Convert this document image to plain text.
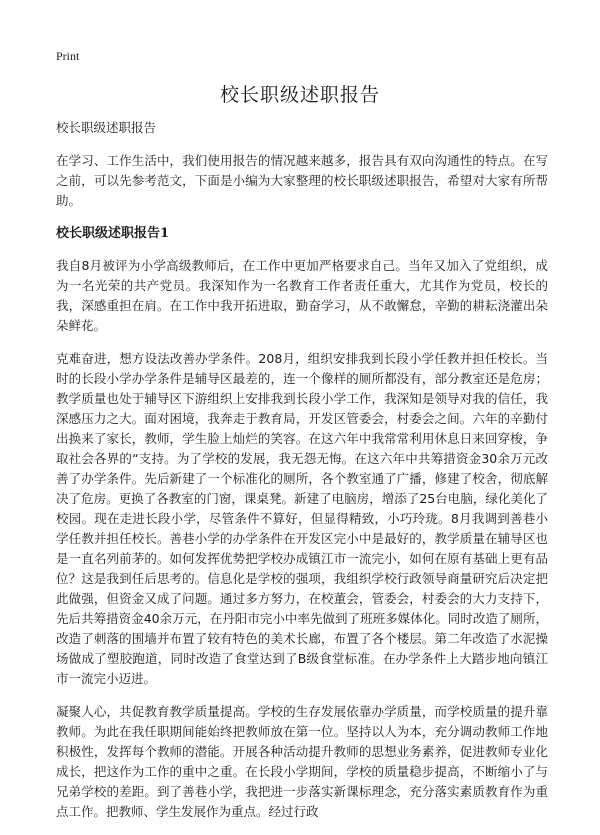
Print
校长职级述职报告

校长职级述职报告

在学习、工作生活中，我们使用报告的情况越来越多，报告具有双向沟通性的特点。在写之前，可以先参考范文，下面是小编为大家整理的校长职级述职报告，希望对大家有所帮助。

校长职级述职报告1

我自8月被评为小学高级教师后，在工作中更加严格要求自己。当年又加入了党组织，成为一名光荣的共产党员。我深知作为一名教育工作者责任重大，尤其作为党员，校长的我，深感重担在肩。在工作中我开拓进取，勤奋学习，从不敢懈怠，辛勤的耕耘浇灌出朵朵鲜花。

克难奋进，想方设法改善办学条件。208月，组织安排我到长段小学任教并担任校长。当时的长段小学办学条件是辅导区最差的，连一个像样的厕所都没有，部分教室还是危房；教学质量也处于辅导区下游组织上安排我到长段小学工作，我深知是领导对我的信任，我深感压力之大。面对困境，我奔走于教育局，开发区管委会，村委会之间。六年的辛勤付出换来了家长，教师，学生脸上灿烂的笑容。在这六年中我常常利用休息日来回穿梭，争取社会各界的“支持。为了学校的发展，我无怨无悔。在这六年中共筹措资金30余万元改善了办学条件。先后新建了一个标准化的厕所，各个教室通了广播，修建了校舍，彻底解决了危房。更换了各教室的门窗，课桌凳。新建了电脑房，增添了25台电脑，绿化美化了校园。现在走进长段小学，尽管条件不算好，但显得精致，小巧玲珑。8月我调到善巷小学任教并担任校长。善巷小学的办学条件在开发区完小中是最好的，教学质量在辅导区也是一直名列前茅的。如何发挥优势把学校办成镇江市一流完小，如何在原有基础上更有品位？这是我到任后思考的。信息化是学校的强项，我组织学校行政领导商量研究后决定把此做强，但资金又成了问题。通过多方努力，在校董会，管委会，村委会的大力支持下，先后共筹措资金40余万元，在丹阳市完小中率先做到了班班多媒体化。同时改造了厕所，改造了刺落的围墙并布置了较有特色的美术长廊，布置了各个楼层。第二年改造了水泥操场做成了塑胶跑道，同时改造了食堂达到了B级食堂标准。在办学条件上大踏步地向镇江市一流完小迈进。

凝聚人心，共促教育教学质量提高。学校的生存发展依靠办学质量，而学校质量的提升靠教师。为此在我任职期间能始终把教师放在第一位。坚持以人为本，充分调动教师工作地积极性，发挥每个教师的潜能。开展各种活动提升教师的思想业务素养，促进教师专业化成长，把这作为工作的重中之重。在长段小学期间，学校的质量稳步提高，不断缩小了与兄弟学校的差距。到了善巷小学，我把进一步落实新课标理念，充分落实素质教育作为重点工作。把教师、学生发展作为重点。经过行政
